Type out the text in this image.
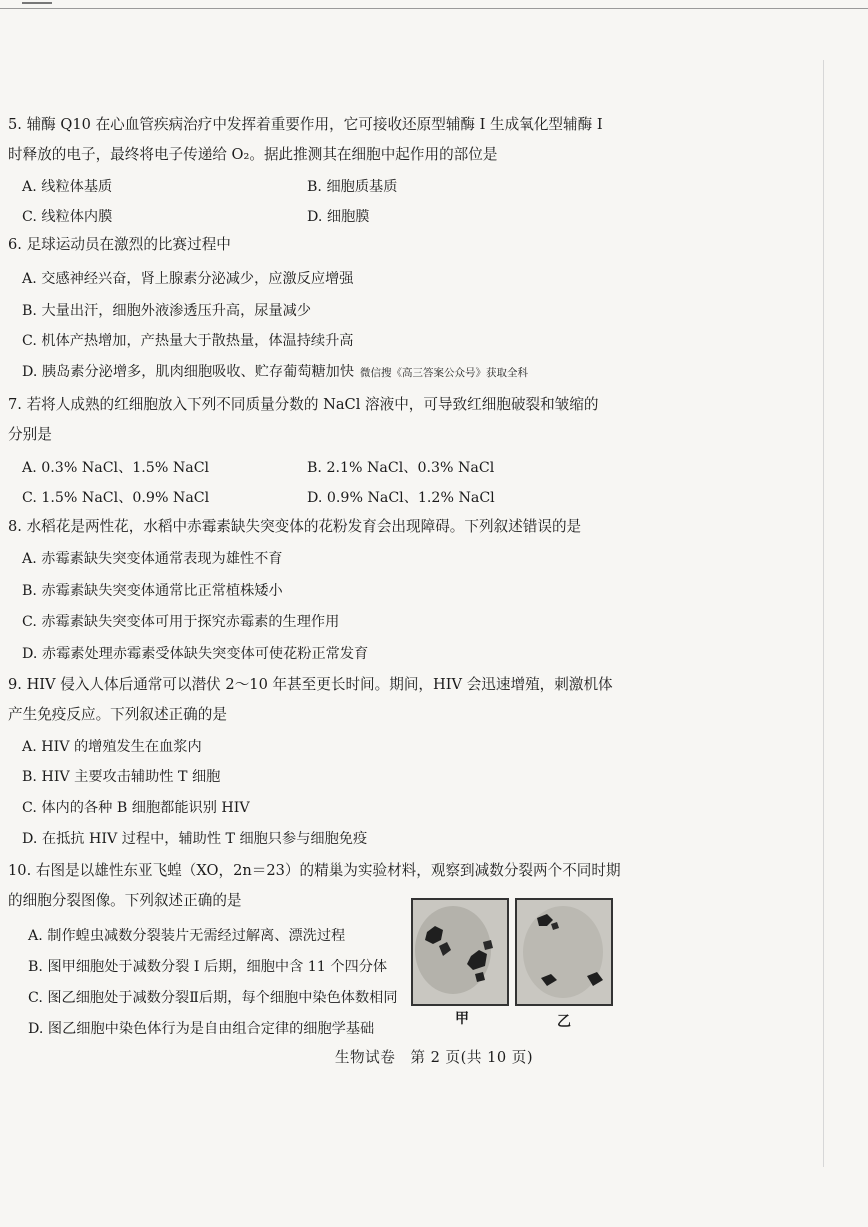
5. 辅酶 Q10 在心血管疾病治疗中发挥着重要作用，它可接收还原型辅酶 I 生成氧化型辅酶 I
时释放的电子，最终将电子传递给 O₂。据此推测其在细胞中起作用的部位是
A. 线粒体基质	B. 细胞质基质
C. 线粒体内膜	D. 细胞膜
6. 足球运动员在激烈的比赛过程中
A. 交感神经兴奋，肾上腺素分泌减少，应激反应增强
B. 大量出汗，细胞外液渗透压升高，尿量减少
C. 机体产热增加，产热量大于散热量，体温持续升高
D. 胰岛素分泌增多，肌肉细胞吸收、贮存葡萄糖加快 微信搜《高三答案公众号》获取全科
7. 若将人成熟的红细胞放入下列不同质量分数的 NaCl 溶液中，可导致红细胞破裂和皱缩的
分别是
A. 0.3% NaCl、1.5% NaCl	B. 2.1% NaCl、0.3% NaCl
C. 1.5% NaCl、0.9% NaCl	D. 0.9% NaCl、1.2% NaCl
8. 水稻花是两性花，水稻中赤霉素缺失突变体的花粉发育会出现障碍。下列叙述错误的是
A. 赤霉素缺失突变体通常表现为雄性不育
B. 赤霉素缺失突变体通常比正常植株矮小
C. 赤霉素缺失突变体可用于探究赤霉素的生理作用
D. 赤霉素处理赤霉素受体缺失突变体可使花粉正常发育
9. HIV 侵入人体后通常可以潜伏 2～10 年甚至更长时间。期间，HIV 会迅速增殖，刺激机体
产生免疫反应。下列叙述正确的是
A. HIV 的增殖发生在血浆内
B. HIV 主要攻击辅助性 T 细胞
C. 体内的各种 B 细胞都能识别 HIV
D. 在抵抗 HIV 过程中，辅助性 T 细胞只参与细胞免疫
10. 右图是以雄性东亚飞蝗（XO，2n＝23）的精巢为实验材料，观察到减数分裂两个不同时期
的细胞分裂图像。下列叙述正确的是
A. 制作蝗虫减数分裂装片无需经过解离、漂洗过程
B. 图甲细胞处于减数分裂 I 后期，细胞中含 11 个四分体
C. 图乙细胞处于减数分裂Ⅱ后期，每个细胞中染色体数相同
D. 图乙细胞中染色体行为是自由组合定律的细胞学基础
甲	乙
生物试卷　第 2 页(共 10 页)
